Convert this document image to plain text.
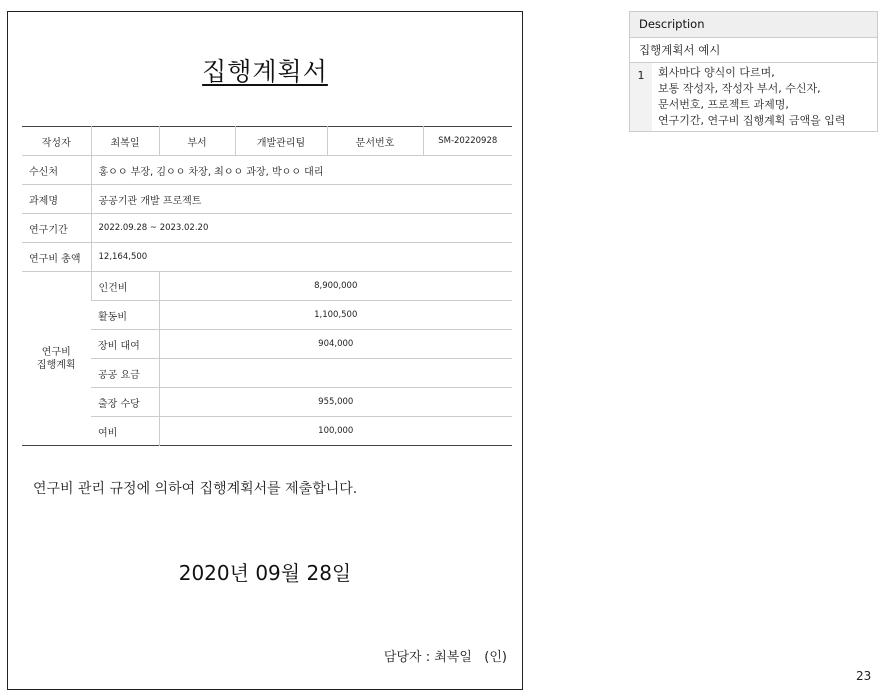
집행계획서
작성자	최복일	부서	개발관리팀	문서번호	SM-20220928
수신처	홍ㅇㅇ 부장, 김ㅇㅇ 차장, 최ㅇㅇ 과장, 박ㅇㅇ 대리				
과제명	공공기관 개발 프로젝트				
연구기간	2022.09.28 ~ 2023.02.20				
연구비 총액	12,164,500				
연구비
집행계획	인건비	8,900,000			
	활동비	1,100,500			
	장비 대여	904,000			
	공공 요금				
	출장 수당	955,000			
	여비	100,000			
연구비 관리 규정에 의하여 집행계획서를 제출합니다.
2020년 09월 28일
담당자 : 최복일   (인)
Description
집행계획서 예시
1	회사마다 양식이 다르며,
보통 작성자, 작성자 부서, 수신자,
문서번호, 프로젝트 과제명,
연구기간, 연구비 집행계획 금액을 입력
23
